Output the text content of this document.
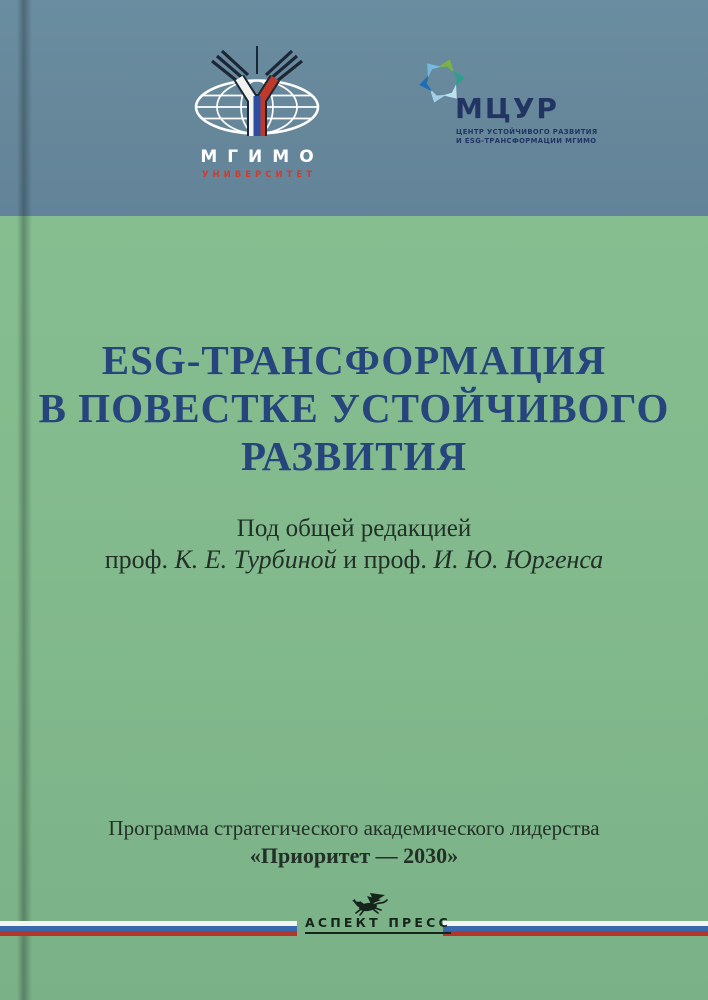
МГИМО
УНИВЕРСИТЕТ
МЦУР
ЦЕНТР УСТОЙЧИВОГО РАЗВИТИЯ
И ESG-ТРАНСФОРМАЦИИ МГИМО
ESG-ТРАНСФОРМАЦИЯ
В ПОВЕСТКЕ УСТОЙЧИВОГО
РАЗВИТИЯ
Под общей редакцией
проф. К. Е. Турбиной и проф. И. Ю. Юргенса
Программа стратегического академического лидерства
«Приоритет — 2030»
АСПЕКТ ПРЕСС
